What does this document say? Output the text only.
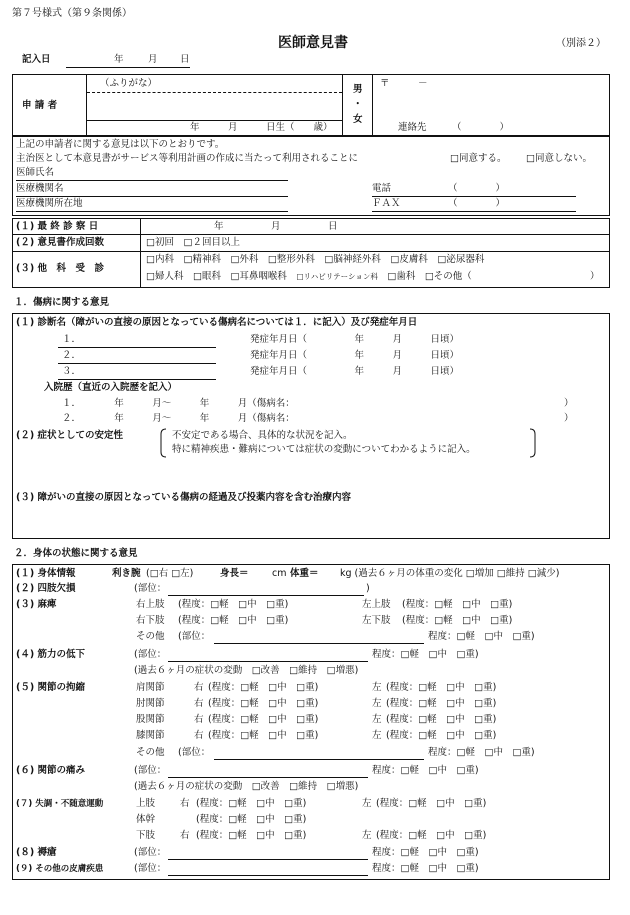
第７号様式（第９条関係）
医師意見書	（別添２）
記入日	年	月 日
申 請 者
（ふりがな）
年　　　月　　　日生（　　歳）
男
・
女
〒　　　－
連絡先	（　　　　）
上記の申請者に関する意見は以下のとおりです。
主治医として本意見書がサービス等利用計画の作成に当たって利用されることに	□同意する。 □同意しない。
医師氏名
医療機関名
医療機関所在地
電話	（　　　　）
ＦＡＸ	（　　　　）
(１) 最 終 診 察 日	年　　　　　月　　　　　日
(２) 意見書作成回数	□初回　□２回目以上
(３) 他　科　受　診
□内科　□精神科　□外科　□整形外科　□脳神経外科　□皮膚科　□泌尿器科
□婦人科　□眼科　□耳鼻咽喉科　□リハビリテーション科　□歯科　□その他（	）
１．傷病に関する意見
(１) 診断名（障がいの直接の原因となっている傷病名については１．に記入）及び発症年月日
１．	発症年月日（　　　　　年　　　月　　　日頃）
２．	発症年月日（　　　　　年　　　月　　　日頃）
３．	発症年月日（　　　　　年　　　月　　　日頃）
入院歴（直近の入院歴を記入）
１．　　　　年　　　月～　　　年　　　月（傷病名：	）
２．　　　　年　　　月～　　　年　　　月（傷病名：	）
(２) 症状としての安定性	不安定である場合、具体的な状況を記入。
特に精神疾患・難病については症状の変動についてわかるように記入。
(３) 障がいの直接の原因となっている傷病の経過及び投薬内容を含む治療内容
２．身体の状態に関する意見
(１) 身体情報	利き腕 (□右 □左)	身長＝ cm 体重＝ kg (過去６ヶ月の体重の変化 □増加 □維持 □減少)
(２) 四肢欠損	(部位：	)
(３) 麻痺	右上肢 (程度：□軽　□中　□重)	左上肢 (程度：□軽　□中　□重)
右下肢 (程度：□軽　□中　□重)	左下肢 (程度：□軽　□中　□重)
その他 (部位：	程度：□軽　□中　□重)
(４) 筋力の低下	(部位：	程度：□軽　□中　□重)
(過去６ヶ月の症状の変動　□改善　□維持　□増悪)
(５) 関節の拘縮	肩関節	右 (程度：□軽　□中　□重)	左 (程度：□軽　□中　□重)
肘関節	右 (程度：□軽　□中　□重)	左 (程度：□軽　□中　□重)
股関節	右 (程度：□軽　□中　□重)	左 (程度：□軽　□中　□重)
膝関節	右 (程度：□軽　□中　□重)	左 (程度：□軽　□中　□重)
その他 (部位：	程度：□軽　□中　□重)
(６) 関節の痛み	(部位：	程度：□軽　□中　□重)
(過去６ヶ月の症状の変動　□改善　□維持　□増悪)
(７) 失調・不随意運動	上肢	右 (程度：□軽　□中　□重)	左 (程度：□軽　□中　□重)
体幹	(程度：□軽　□中　□重)
下肢	右 (程度：□軽　□中　□重)	左 (程度：□軽　□中　□重)
(８) 褥瘡	(部位：	程度：□軽　□中　□重)
(９) その他の皮膚疾患	(部位：	程度：□軽　□中　□重)
